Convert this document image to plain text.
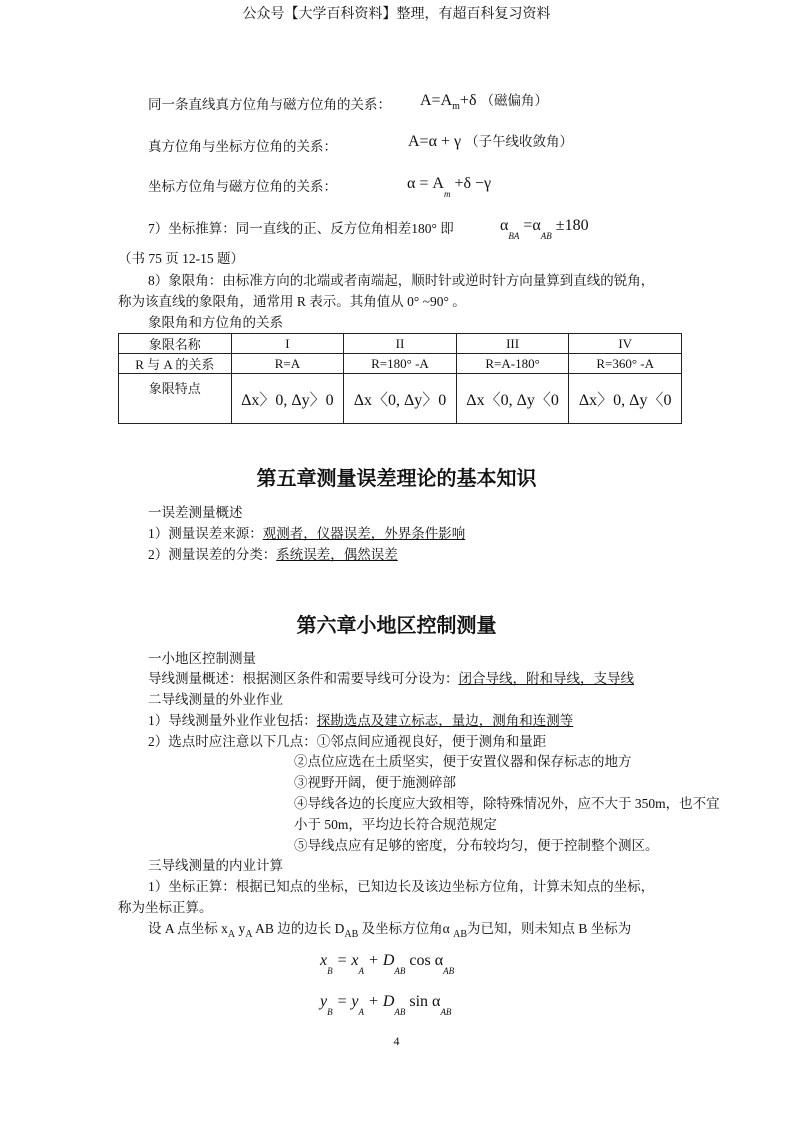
公众号【大学百科资料】整理，有超百科复习资料
同一条直线真方位角与磁方位角的关系： $A=A_m+\delta$ （磁偏角）
真方位角与坐标方位角的关系：	A=α + γ （子午线收敛角）
坐标方位角与磁方位角的关系：	$\alpha = A_m +\delta -\gamma$
7）坐标推算：同一直线的正、反方位角相差180° 即	$\alpha_{BA} =\alpha_{AB} \pm 180$
（书 75 页 12-15 题）
8）象限角：由标准方向的北端或者南端起，顺时针或逆时针方向量算到直线的锐角，
称为该直线的象限角，通常用 R 表示。其角值从 0° ~90° 。
象限角和方位角的关系
象限名称	I	II	III	IV
R 与 A 的关系	R=A	R=180° -A	R=A-180°	R=360° -A
象限特点	Δx〉0, Δy〉0	Δx〈0, Δy〉0	Δx〈0, Δy〈0	Δx〉0, Δy〈0
第五章测量误差理论的基本知识
一误差测量概述
1）测量误差来源：观测者，仪器误差，外界条件影响
2）测量误差的分类：系统误差，偶然误差
第六章小地区控制测量
一小地区控制测量
导线测量概述：根据测区条件和需要导线可分设为：闭合导线，附和导线，支导线
二导线测量的外业作业
1）导线测量外业作业包括：探勘选点及建立标志，量边，测角和连测等
2）选点时应注意以下几点：①邻点间应通视良好，便于测角和量距
②点位应选在土质坚实，便于安置仪器和保存标志的地方
③视野开阔，便于施测碎部
④导线各边的长度应大致相等，除特殊情况外，应不大于 350m，也不宜
小于 50m，平均边长符合规范规定
⑤导线点应有足够的密度，分布较均匀，便于控制整个测区。
三导线测量的内业计算
1）坐标正算：根据已知点的坐标，已知边长及该边坐标方位角，计算未知点的坐标，
称为坐标正算。
设 A 点坐标 $x_A$ $y_A$ AB 边的边长 $D_{AB}$ 及坐标方位角α $_{AB}$为已知，则未知点 B 坐标为
$x_B = x_A + D_{AB}$ $\cos \alpha_{AB}$
$y_B = y_A + D_{AB}$ $\sin \alpha_{AB}$
4
